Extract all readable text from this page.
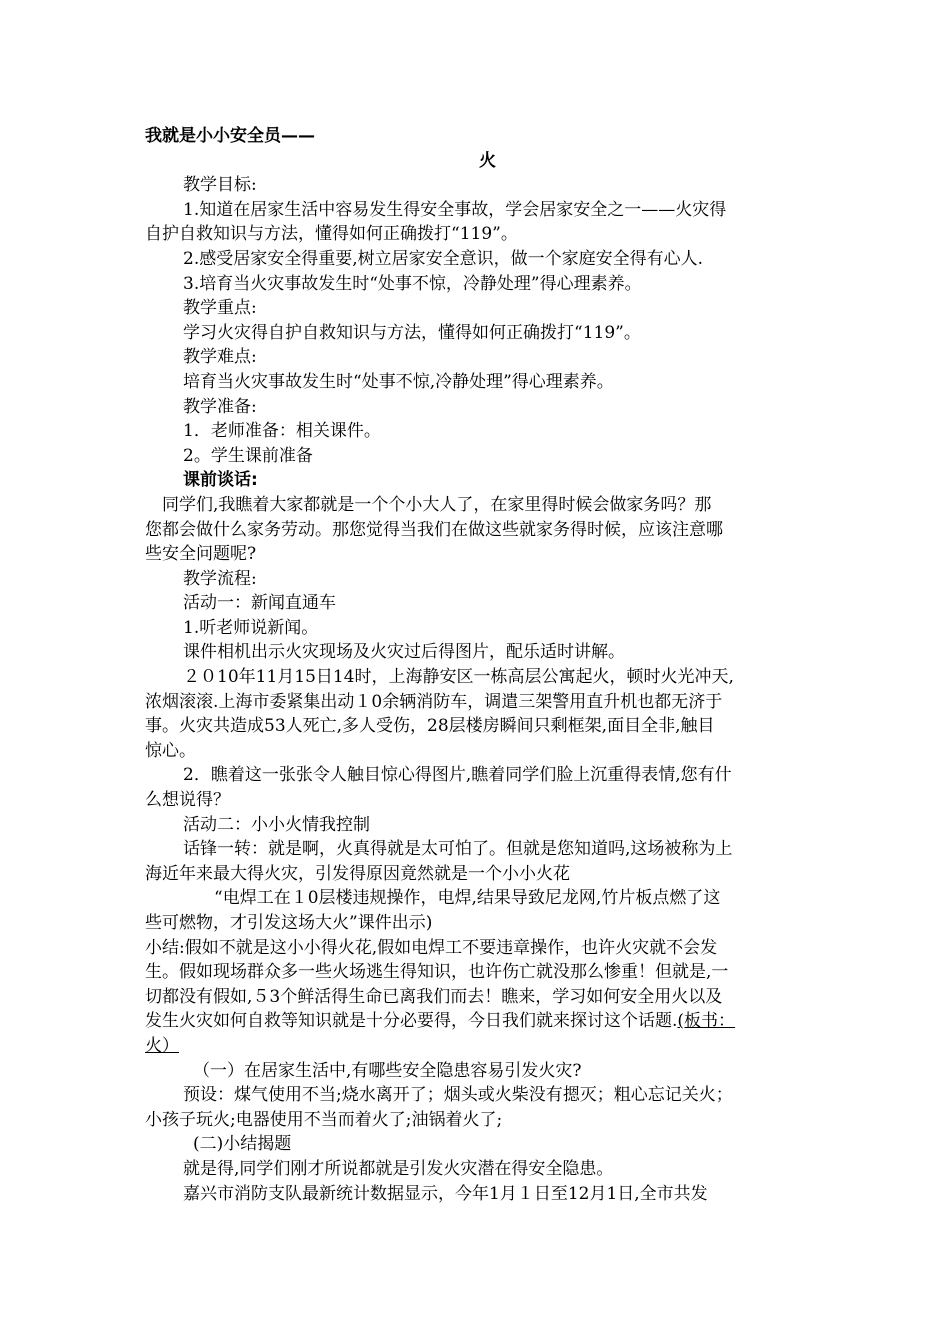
我就是小小安全员——
火
教学目标:
1.知道在居家生活中容易发生得安全事故，学会居家安全之一——火灾得
自护自救知识与方法，懂得如何正确拨打“119”。
2.感受居家安全得重要,树立居家安全意识，做一个家庭安全得有心人.
3.培育当火灾事故发生时“处事不惊，冷静处理”得心理素养。
教学重点:
学习火灾得自护自救知识与方法，懂得如何正确拨打“119”。
教学难点:
培育当火灾事故发生时“处事不惊,冷静处理”得心理素养。
教学准备:
1．老师准备：相关课件。
2。学生课前准备
课前谈话:
同学们,我瞧着大家都就是一个个小大人了，在家里得时候会做家务吗？那
您都会做什么家务劳动。那您觉得当我们在做这些就家务得时候，应该注意哪
些安全问题呢?
教学流程:
活动一：新闻直通车
1.听老师说新闻。
课件相机出示火灾现场及火灾过后得图片，配乐适时讲解。
２０10年11月15日14时，上海静安区一栋高层公寓起火，顿时火光冲天,
浓烟滚滚.上海市委紧集出动１0余辆消防车，调遣三架警用直升机也都无济于
事。火灾共造成53人死亡,多人受伤，28层楼房瞬间只剩框架,面目全非,触目
惊心。
2．瞧着这一张张令人触目惊心得图片,瞧着同学们脸上沉重得表情,您有什
么想说得？
活动二：小小火情我控制
话锋一转：就是啊，火真得就是太可怕了。但就是您知道吗,这场被称为上
海近年来最大得火灾，引发得原因竟然就是一个小小火花
“电焊工在１0层楼违规操作，电焊,结果导致尼龙网,竹片板点燃了这
些可燃物，才引发这场大火”课件出示)
小结:假如不就是这小小得火花,假如电焊工不要违章操作，也许火灾就不会发
生。假如现场群众多一些火场逃生得知识，也许伤亡就没那么惨重！但就是,一
切都没有假如,５3个鲜活得生命已离我们而去！瞧来，学习如何安全用火以及
发生火灾如何自救等知识就是十分必要得，今日我们就来探讨这个话题.(板书：
火）
（一）在居家生活中,有哪些安全隐患容易引发火灾?
预设：煤气使用不当;烧水离开了；烟头或火柴没有摁灭；粗心忘记关火；
小孩子玩火;电器使用不当而着火了;油锅着火了;
(二)小结揭题
就是得,同学们刚才所说都就是引发火灾潜在得安全隐患。
嘉兴市消防支队最新统计数据显示，今年1月１日至12月1日,全市共发
